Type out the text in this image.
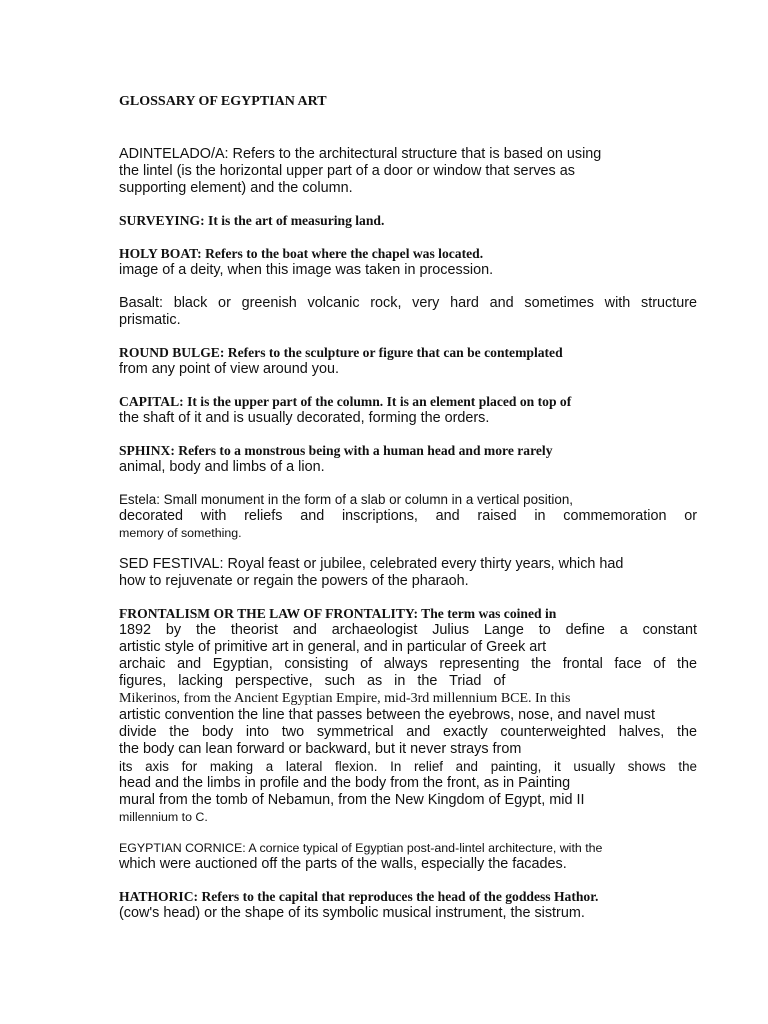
GLOSSARY OF EGYPTIAN ART
ADINTELADO/A: Refers to the architectural structure that is based on using
the lintel (is the horizontal upper part of a door or window that serves as
supporting element) and the column.
SURVEYING: It is the art of measuring land.
HOLY BOAT: Refers to the boat where the chapel was located.
image of a deity, when this image was taken in procession.
Basalt: black or greenish volcanic rock, very hard and sometimes with structure
prismatic.
ROUND BULGE: Refers to the sculpture or figure that can be contemplated
from any point of view around you.
CAPITAL: It is the upper part of the column. It is an element placed on top of
the shaft of it and is usually decorated, forming the orders.
SPHINX: Refers to a monstrous being with a human head and more rarely
animal, body and limbs of a lion.
Estela: Small monument in the form of a slab or column in a vertical position,
decorated with reliefs and inscriptions, and raised in commemoration or
memory of something.
SED FESTIVAL: Royal feast or jubilee, celebrated every thirty years, which had
how to rejuvenate or regain the powers of the pharaoh.
FRONTALISM OR THE LAW OF FRONTALITY: The term was coined in
1892 by the theorist and archaeologist Julius Lange to define a constant
artistic style of primitive art in general, and in particular of Greek art
archaic and Egyptian, consisting of always representing the frontal face of the
figures, lacking perspective, such as in the Triad of
Mikerinos, from the Ancient Egyptian Empire, mid-3rd millennium BCE. In this
artistic convention the line that passes between the eyebrows, nose, and navel must
divide the body into two symmetrical and exactly counterweighted halves, the
the body can lean forward or backward, but it never strays from
its axis for making a lateral flexion. In relief and painting, it usually shows the
head and the limbs in profile and the body from the front, as in Painting
mural from the tomb of Nebamun, from the New Kingdom of Egypt, mid II
millennium to C.
EGYPTIAN CORNICE: A cornice typical of Egyptian post-and-lintel architecture, with the
which were auctioned off the parts of the walls, especially the facades.
HATHORIC: Refers to the capital that reproduces the head of the goddess Hathor.
(cow's head) or the shape of its symbolic musical instrument, the sistrum.
